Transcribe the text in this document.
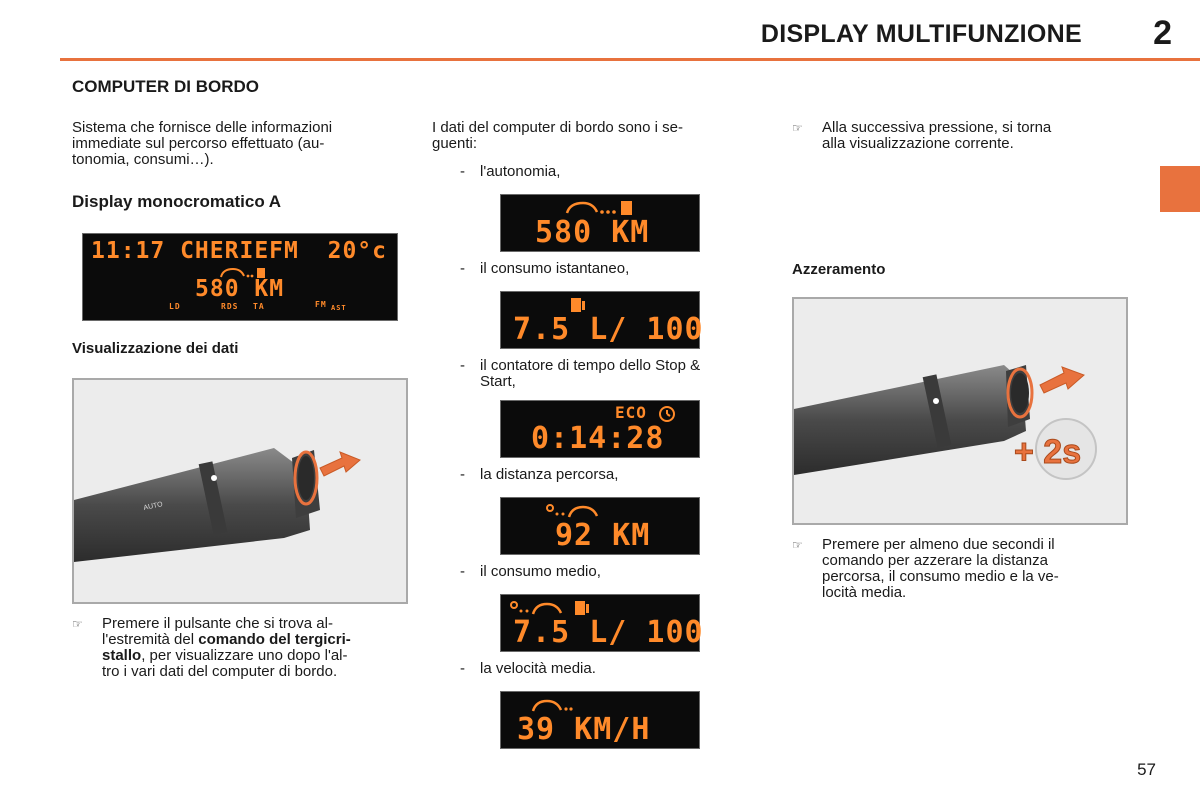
DISPLAY MULTIFUNZIONE 2
COMPUTER DI BORDO
Sistema che fornisce delle informazioni
immediate sul percorso effettuato (au-
tonomia, consumi…).
Display monocromatico A
11:17 CHERIEFM 20°c
580 KM
LD	RDS TA	FM AST
Visualizzazione dei dati
AUTO
☞ Premere il pulsante che si trova al-
l'estremità del comando del tergicri-
stallo, per visualizzare uno dopo l'al-
tro i vari dati del computer di bordo.
I dati del computer di bordo sono i se-
guenti:
- l'autonomia,
580 KM
- il consumo istantaneo,
7.5 L/ 100
- il contatore di tempo dello Stop &
Start,
ECO
0:14:28
- la distanza percorsa,
92 KM
- il consumo medio,
7.5 L/ 100
- la velocità media.
39 KM/H
☞ Alla successiva pressione, si torna
alla visualizzazione corrente.
Azzeramento
+ 2s
☞ Premere per almeno due secondi il
comando per azzerare la distanza
percorsa, il consumo medio e la ve-
locità media.
57
